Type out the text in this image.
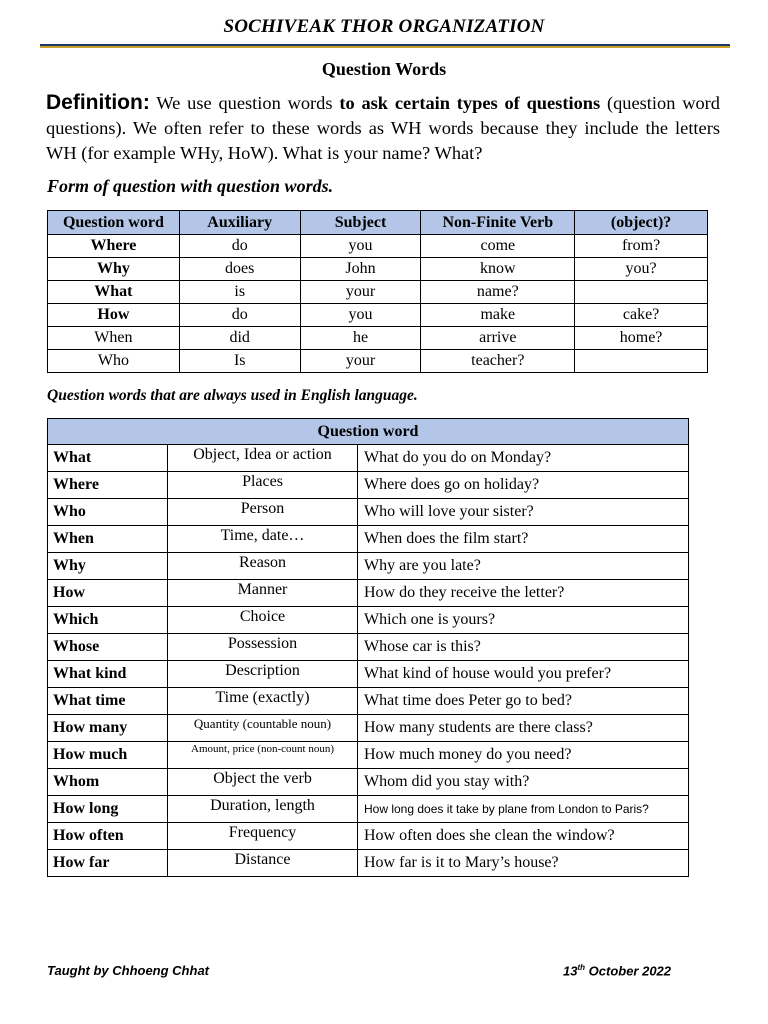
SOCHIVEAK THOR ORGANIZATION
Question Words
Definition: We use question words to ask certain types of questions (question word questions). We often refer to these words as WH words because they include the letters WH (for example WHy, HoW). What is your name? What?
Form of question with question words.
Question word	Auxiliary	Subject	Non-Finite Verb	(object)?
Where	do	you	come	from?
Why	does	John	know	you?
What	is	your	name?	
How	do	you	make	cake?
When	did	he	arrive	home?
Who	Is	your	teacher?	
Question words that are always used in English language.
Question word		
What	Object, Idea or action	What do you do on Monday?
Where	Places	Where does go on holiday?
Who	Person	Who will love your sister?
When	Time, date…	When does the film start?
Why	Reason	Why are you late?
How	Manner	How do they receive the letter?
Which	Choice	Which one is yours?
Whose	Possession	Whose car is this?
What kind	Description	What kind of house would you prefer?
What time	Time (exactly)	What time does Peter go to bed?
How many	Quantity (countable noun)	How many students are there class?
How much	Amount, price (non-count noun)	How much money do you need?
Whom	Object the verb	Whom did you stay with?
How long	Duration, length	How long does it take by plane from London to Paris?
How often	Frequency	How often does she clean the window?
How far	Distance	How far is it to Mary’s house?
Taught by Chhoeng Chhat	13th October 2022
